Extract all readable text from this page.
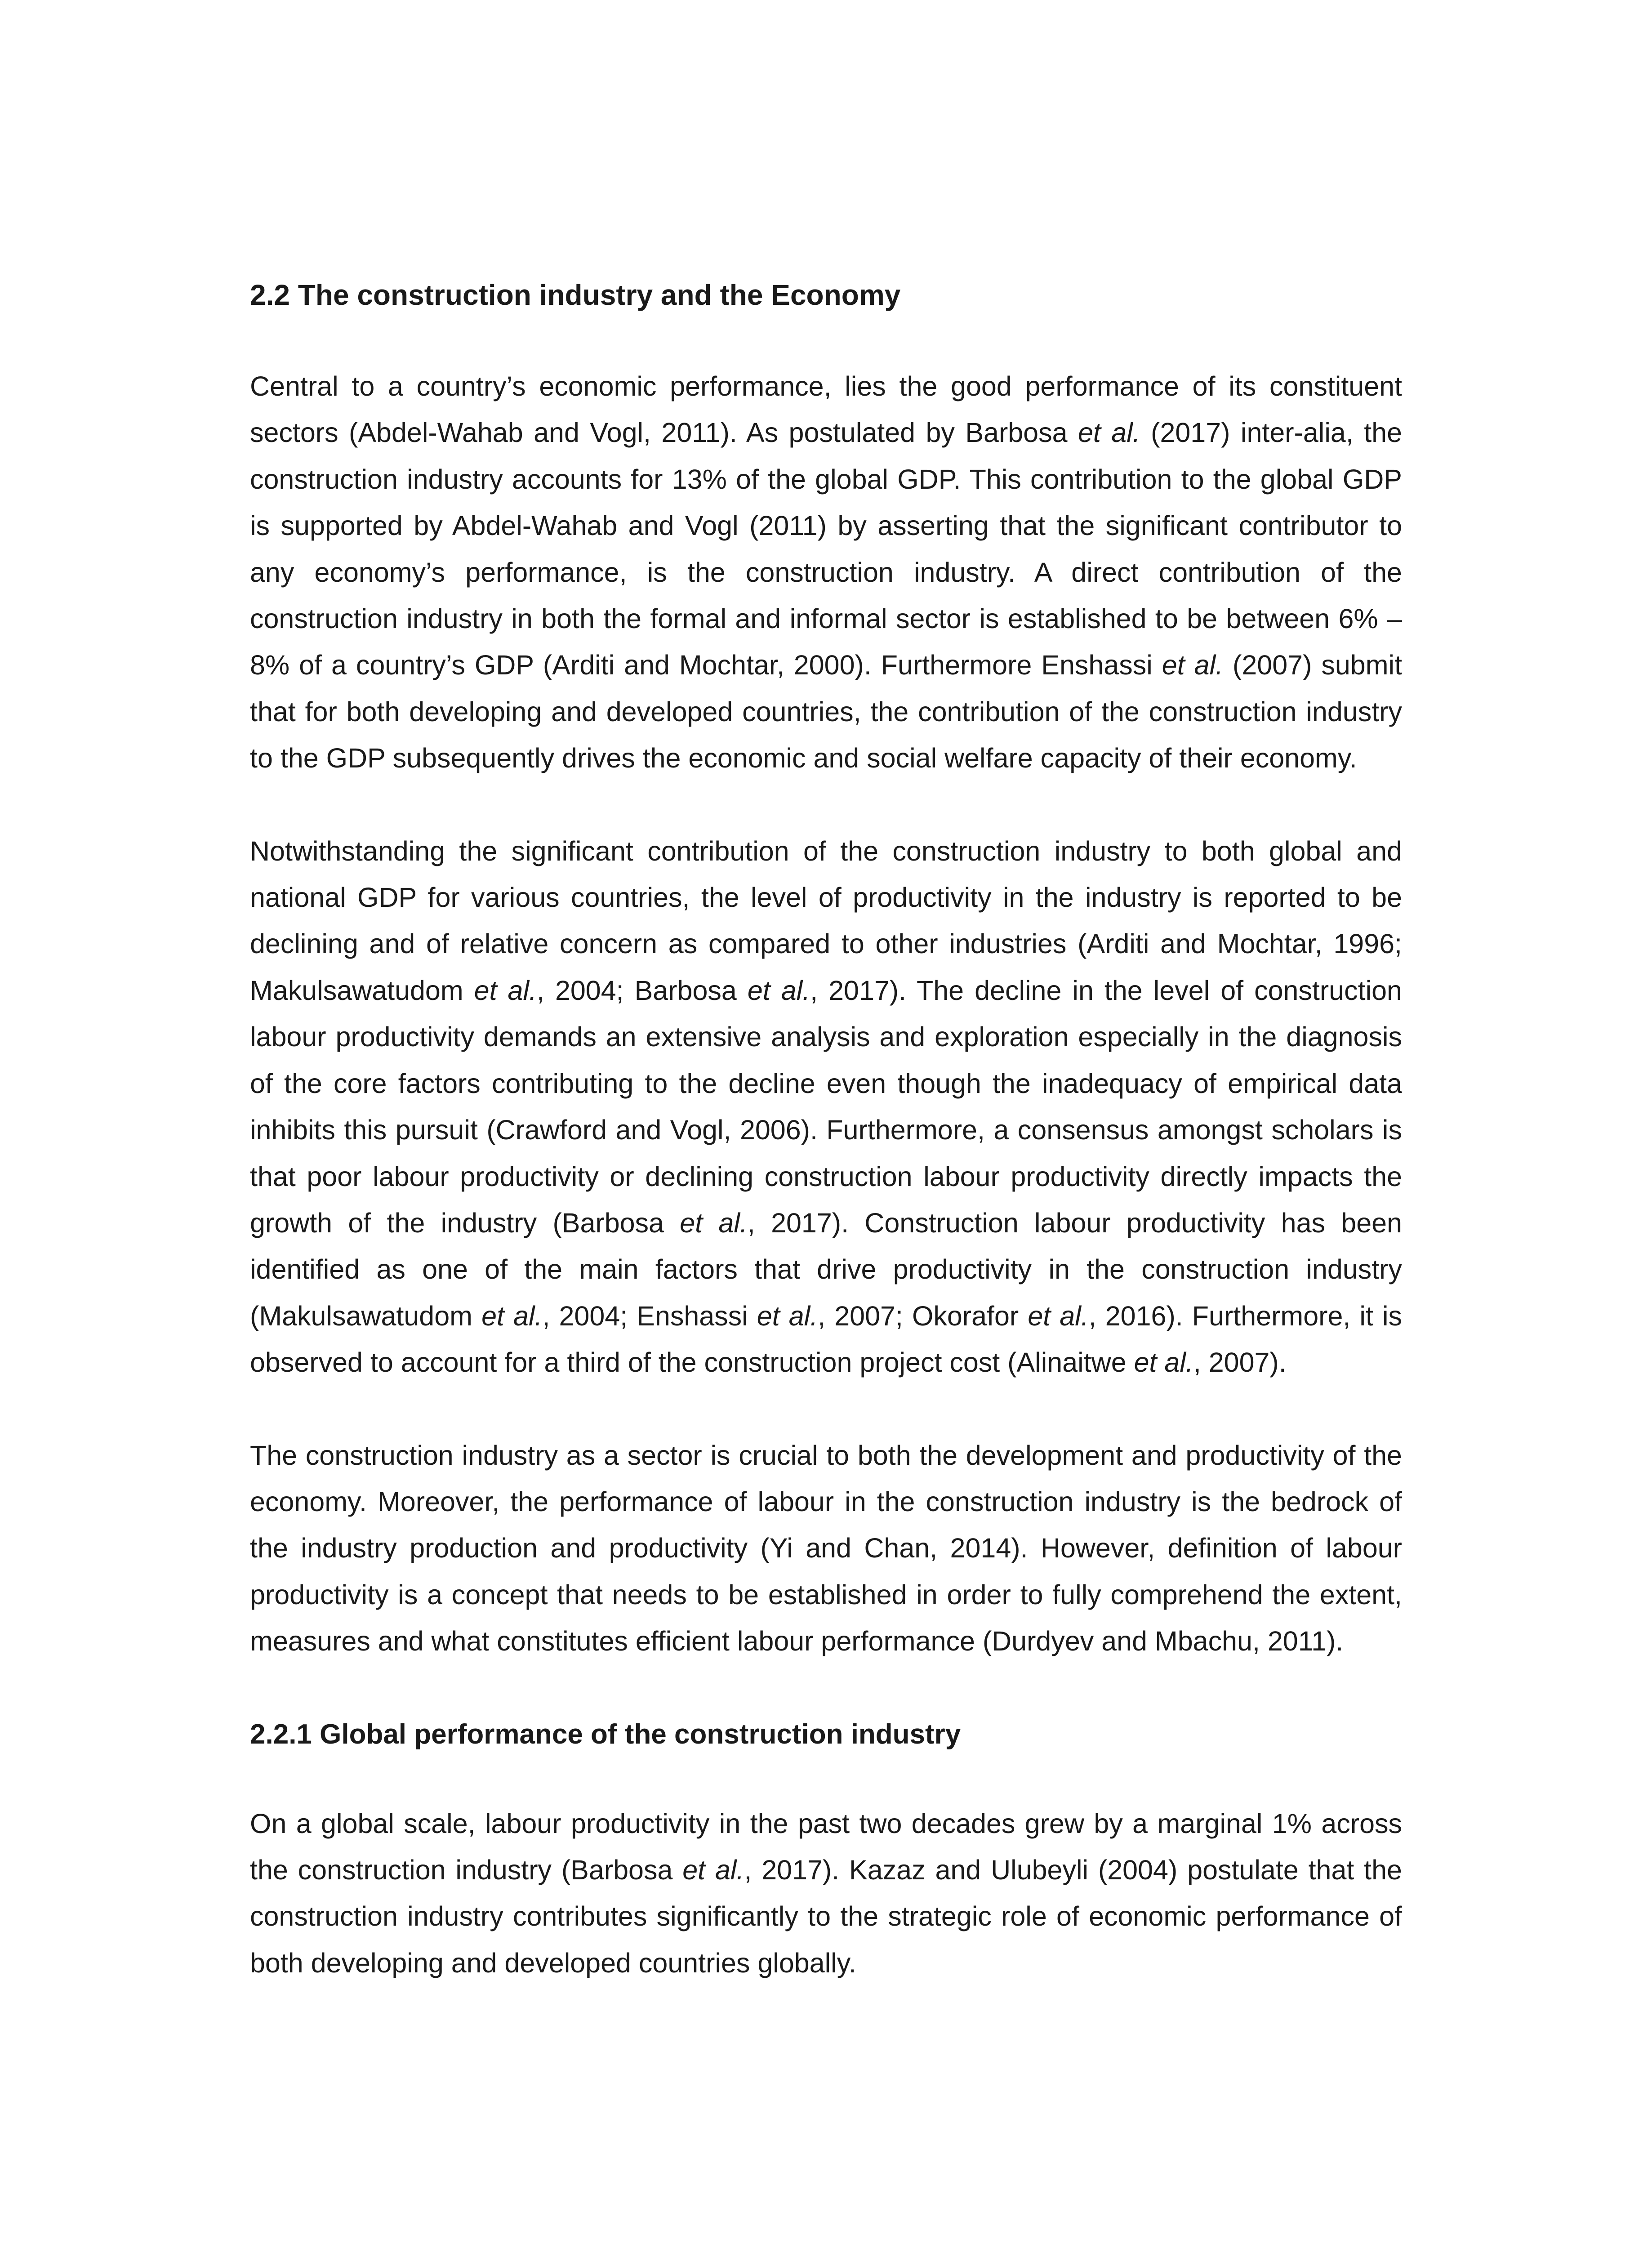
2.2 The construction industry and the Economy

Central to a country’s economic performance, lies the good performance of its constituent sectors (Abdel-Wahab and Vogl, 2011). As postulated by Barbosa et al. (2017) inter-alia, the construction industry accounts for 13% of the global GDP. This contribution to the global GDP is supported by Abdel-Wahab and Vogl (2011) by asserting that the significant contributor to any economy’s performance, is the construction industry. A direct contribution of the construction industry in both the formal and informal sector is established to be between 6% – 8% of a country’s GDP (Arditi and Mochtar, 2000). Furthermore Enshassi et al. (2007) submit that for both developing and developed countries, the contribution of the construction industry to the GDP subsequently drives the economic and social welfare capacity of their economy.

Notwithstanding the significant contribution of the construction industry to both global and national GDP for various countries, the level of productivity in the industry is reported to be declining and of relative concern as compared to other industries (Arditi and Mochtar, 1996; Makulsawatudom et al., 2004; Barbosa et al., 2017). The decline in the level of construction labour productivity demands an extensive analysis and exploration especially in the diagnosis of the core factors contributing to the decline even though the inadequacy of empirical data inhibits this pursuit (Crawford and Vogl, 2006). Furthermore, a consensus amongst scholars is that poor labour productivity or declining construction labour productivity directly impacts the growth of the industry (Barbosa et al., 2017). Construction labour productivity has been identified as one of the main factors that drive productivity in the construction industry (Makulsawatudom et al., 2004; Enshassi et al., 2007; Okorafor et al., 2016). Furthermore, it is observed to account for a third of the construction project cost (Alinaitwe et al., 2007).

The construction industry as a sector is crucial to both the development and productivity of the economy. Moreover, the performance of labour in the construction industry is the bedrock of the industry production and productivity (Yi and Chan, 2014). However, definition of labour productivity is a concept that needs to be established in order to fully comprehend the extent, measures and what constitutes efficient labour performance (Durdyev and Mbachu, 2011).

2.2.1 Global performance of the construction industry

On a global scale, labour productivity in the past two decades grew by a marginal 1% across the construction industry (Barbosa et al., 2017). Kazaz and Ulubeyli (2004) postulate that the construction industry contributes significantly to the strategic role of economic performance of both developing and developed countries globally.
